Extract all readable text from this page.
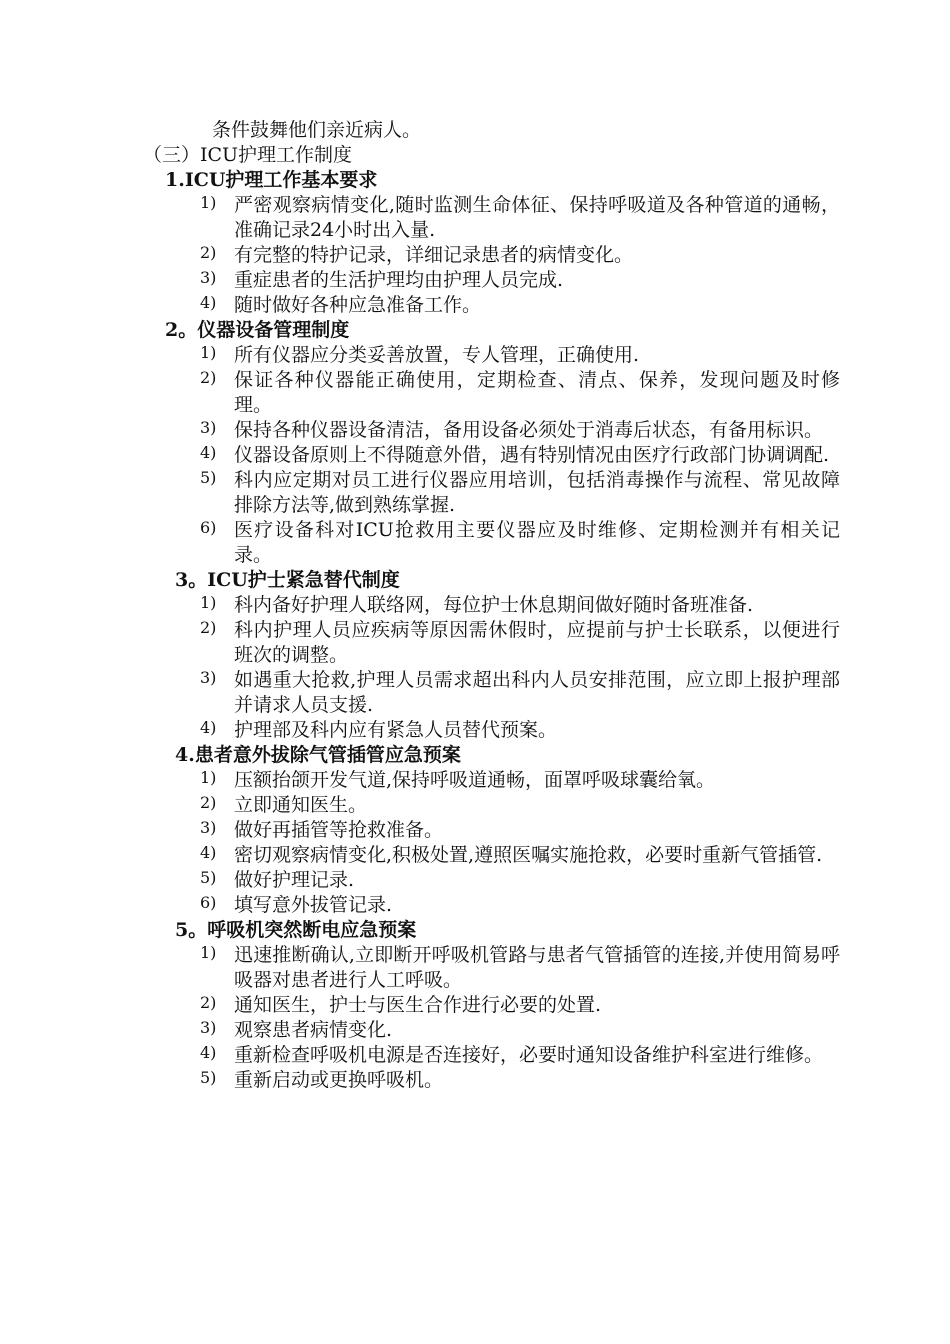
条件鼓舞他们亲近病人。
（三）ICU护理工作制度
1.ICU护理工作基本要求
1) 严密观察病情变化,随时监测生命体征、保持呼吸道及各种管道的通畅，准确记录24小时出入量.
2) 有完整的特护记录，详细记录患者的病情变化。
3) 重症患者的生活护理均由护理人员完成.
4) 随时做好各种应急准备工作。
2。仪器设备管理制度
1) 所有仪器应分类妥善放置，专人管理，正确使用.
2) 保证各种仪器能正确使用，定期检查、清点、保养，发现问题及时修理。
3) 保持各种仪器设备清洁，备用设备必须处于消毒后状态，有备用标识。
4) 仪器设备原则上不得随意外借，遇有特别情况由医疗行政部门协调调配.
5) 科内应定期对员工进行仪器应用培训，包括消毒操作与流程、常见故障排除方法等,做到熟练掌握.
6) 医疗设备科对ICU抢救用主要仪器应及时维修、定期检测并有相关记录。
3。ICU护士紧急替代制度
1) 科内备好护理人联络网，每位护士休息期间做好随时备班准备.
2) 科内护理人员应疾病等原因需休假时，应提前与护士长联系，以便进行班次的调整。
3) 如遇重大抢救,护理人员需求超出科内人员安排范围，应立即上报护理部并请求人员支援.
4) 护理部及科内应有紧急人员替代预案。
4.患者意外拔除气管插管应急预案
1) 压额抬颌开发气道,保持呼吸道通畅，面罩呼吸球囊给氧。
2) 立即通知医生。
3) 做好再插管等抢救准备。
4) 密切观察病情变化,积极处置,遵照医嘱实施抢救，必要时重新气管插管.
5) 做好护理记录.
6) 填写意外拔管记录.
5。呼吸机突然断电应急预案
1) 迅速推断确认,立即断开呼吸机管路与患者气管插管的连接,并使用简易呼吸器对患者进行人工呼吸。
2) 通知医生，护士与医生合作进行必要的处置.
3) 观察患者病情变化.
4) 重新检查呼吸机电源是否连接好，必要时通知设备维护科室进行维修。
5) 重新启动或更换呼吸机。
